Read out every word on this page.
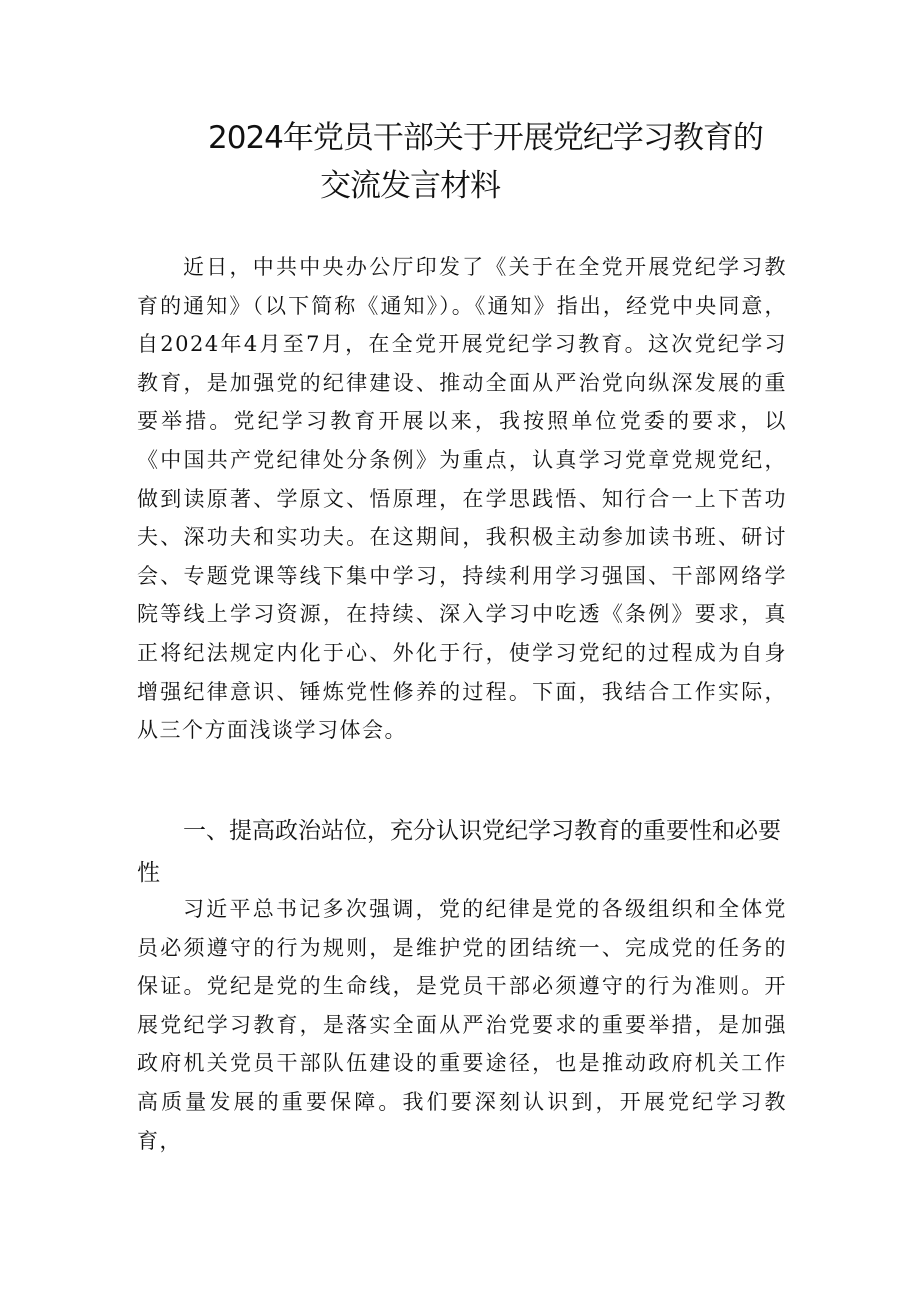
2024年党员干部关于开展党纪学习教育的
交流发言材料

近日，中共中央办公厅印发了《关于在全党开展党纪学习教育的通知》（以下简称《通知》）。《通知》指出，经党中央同意，自2024年4月至7月，在全党开展党纪学习教育。这次党纪学习教育，是加强党的纪律建设、推动全面从严治党向纵深发展的重要举措。党纪学习教育开展以来，我按照单位党委的要求，以《中国共产党纪律处分条例》为重点，认真学习党章党规党纪，做到读原著、学原文、悟原理，在学思践悟、知行合一上下苦功夫、深功夫和实功夫。在这期间，我积极主动参加读书班、研讨会、专题党课等线下集中学习，持续利用学习强国、干部网络学院等线上学习资源，在持续、深入学习中吃透《条例》要求，真正将纪法规定内化于心、外化于行，使学习党纪的过程成为自身增强纪律意识、锤炼党性修养的过程。下面，我结合工作实际，从三个方面浅谈学习体会。

一、提高政治站位，充分认识党纪学习教育的重要性和必要性

习近平总书记多次强调，党的纪律是党的各级组织和全体党员必须遵守的行为规则，是维护党的团结统一、完成党的任务的保证。党纪是党的生命线，是党员干部必须遵守的行为准则。开展党纪学习教育，是落实全面从严治党要求的重要举措，是加强政府机关党员干部队伍建设的重要途径，也是推动政府机关工作高质量发展的重要保障。我们要深刻认识到，开展党纪学习教育，
